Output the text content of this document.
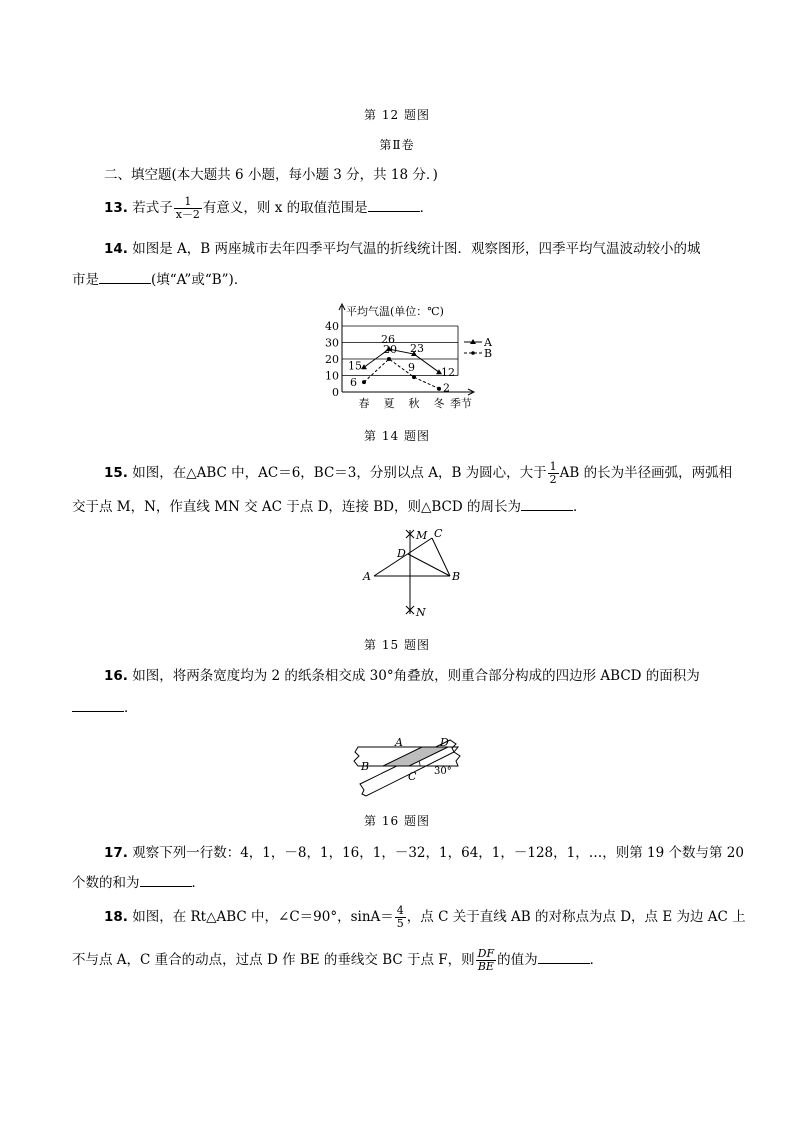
第 12 题图
第Ⅱ卷
二、填空题(本大题共 6 小题，每小题 3 分，共 18 分．)
13. 若式子 $\frac{1}{x-2}$ 有意义，则 x 的取值范围是	．
14. 如图是 A，B 两座城市去年四季平均气温的折线统计图．观察图形，四季平均气温波动较小的城
市是	(填“A”或“B”)．
0
10
20
30
40
平均气温(单位：℃)
春 夏 秋 冬 季节
15
26
23
12
A
6
20
9
2
B
第 14 题图
15. 如图，在△ABC 中，AC＝6，BC＝3，分别以点 A，B 为圆心，大于 $\frac{1}{2}$ AB 的长为半径画弧，两弧相
交于点 M，N，作直线 MN 交 AC 于点 D，连接 BD，则△BCD 的周长为	．
M C
D
A	B
N
第 15 题图
16. 如图，将两条宽度均为 2 的纸条相交成 30°角叠放，则重合部分构成的四边形 ABCD 的面积为
．
A	D
B
C 30°
第 16 题图
17. 观察下列一行数：4，1，－8，1，16，1，－32，1，64，1，－128，1，…，则第 19 个数与第 20
个数的和为	．
18. 如图，在 Rt△ABC 中，∠C＝90°，$\sin A= \frac{4}{5}$ ，点 C 关于直线 AB 的对称点为点 D，点 E 为边 AC 上
不与点 A，C 重合的动点，过点 D 作 BE 的垂线交 BC 于点 F，则 $\frac{DF}{BE}$ 的值为	．
